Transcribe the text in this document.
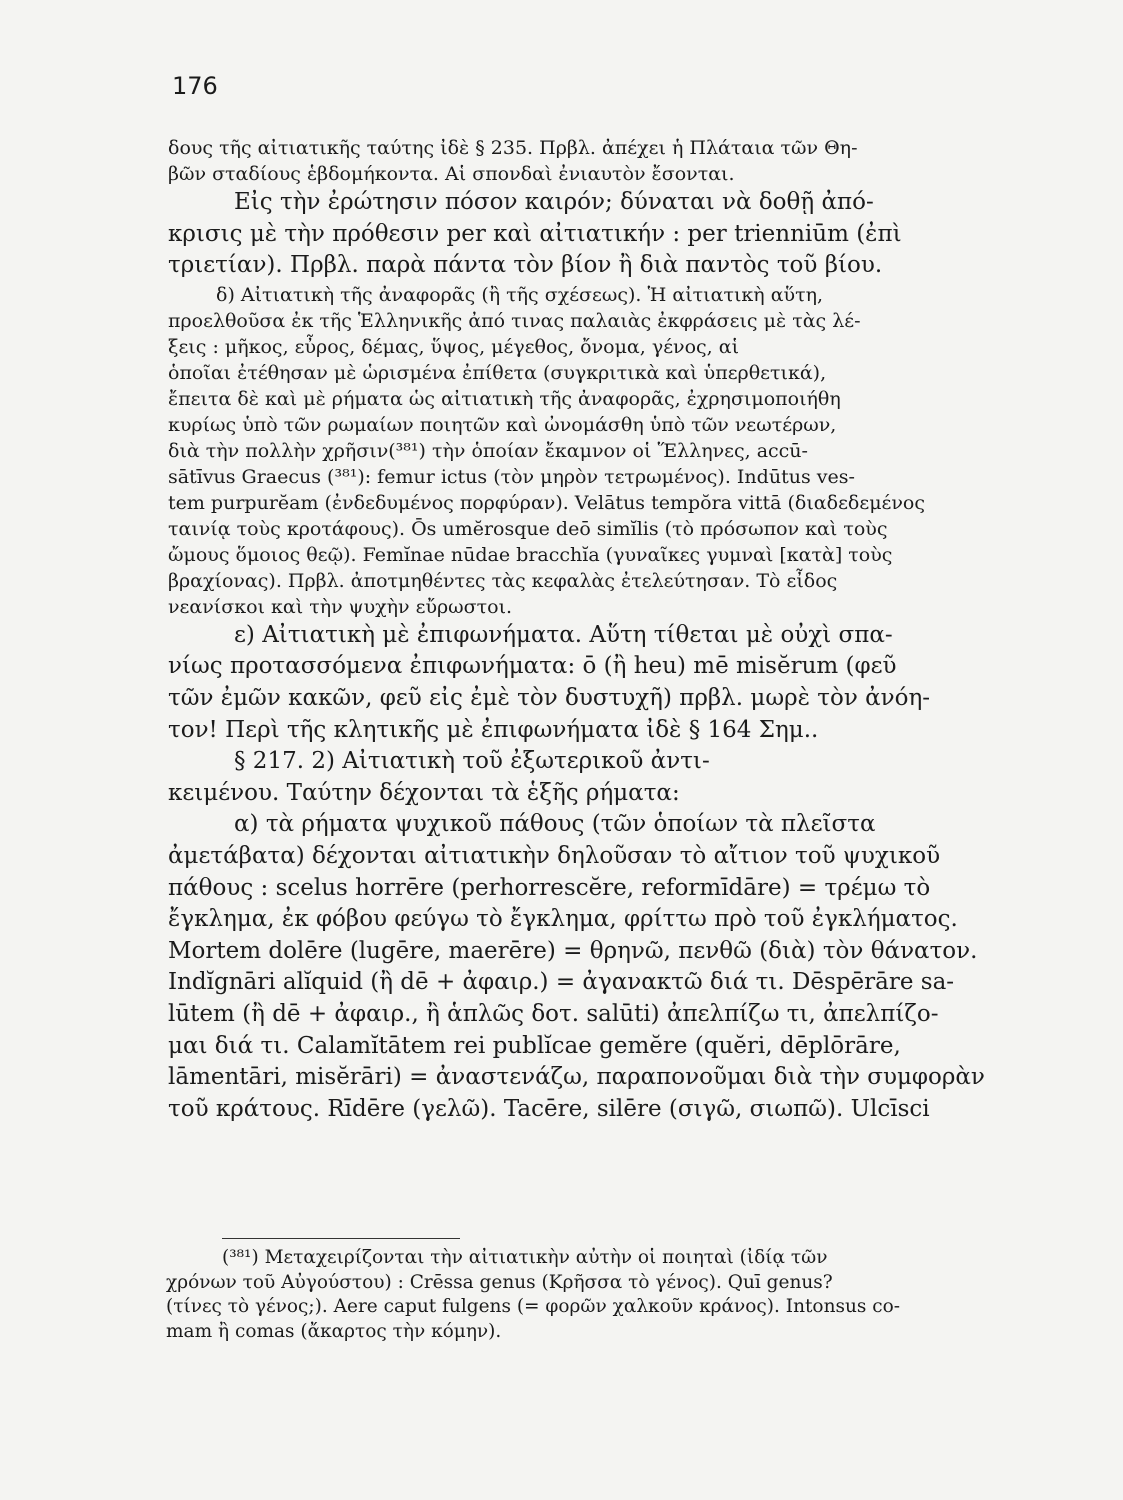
176
δους τῆς αἰτιατικῆς ταύτης ἰδὲ § 235. Πρβλ. ἀπέχει ἡ Πλάταια τῶν Θη-
βῶν σταδίους ἑβδομήκοντα. Αἱ σπονδαὶ ἐνιαυτὸν ἔσονται.
Εἰς τὴν ἐρώτησιν πόσον καιρόν; δύναται νὰ δοθῇ ἀπό-
κρισις μὲ τὴν πρόθεσιν per καὶ αἰτιατικήν : per trienniūm (ἐπὶ
τριετίαν). Πρβλ. παρὰ πάντα τὸν βίον ἢ διὰ παντὸς τοῦ βίου.
δ) Αἰτιατικὴ τῆς ἀναφορᾶς (ἢ τῆς σχέσεως). Ἡ αἰτιατικὴ αὕτη,
προελθοῦσα ἐκ τῆς Ἑλληνικῆς ἀπό τινας παλαιὰς ἐκφράσεις μὲ τὰς λέ-
ξεις : μῆκος, εὖρος, δέμας, ὕψος, μέγεθος, ὄνομα, γένος, αἱ
ὁποῖαι ἐτέθησαν μὲ ὡρισμένα ἐπίθετα (συγκριτικὰ καὶ ὑπερθετικά),
ἔπειτα δὲ καὶ μὲ ρήματα ὡς αἰτιατικὴ τῆς ἀναφορᾶς, ἐχρησιμοποιήθη
κυρίως ὑπὸ τῶν ρωμαίων ποιητῶν καὶ ὠνομάσθη ὑπὸ τῶν νεωτέρων,
διὰ τὴν πολλὴν χρῆσιν(³⁸¹) τὴν ὁποίαν ἔκαμνον οἱ Ἕλληνες, accū-
sātīvus Graecus (³⁸¹): femur ictus (τὸν μηρὸν τετρωμένος). Indūtus ves-
tem purpurĕam (ἐνδεδυμένος πορφύραν). Velātus tempŏra vittā (διαδεδεμένος
ταινίᾳ τοὺς κροτάφους). Ōs umĕrosque deō simĭlis (τὸ πρόσωπον καὶ τοὺς
ὤμους ὅμοιος θεῷ). Femĭnae nūdae bracchĭa (γυναῖκες γυμναὶ [κατὰ] τοὺς
βραχίονας). Πρβλ. ἀποτμηθέντες τὰς κεφαλὰς ἐτελεύτησαν. Τὸ εἶδος
νεανίσκοι καὶ τὴν ψυχὴν εὔρωστοι.
ε) Αἰτιατικὴ μὲ ἐπιφωνήματα. Αὕτη τίθεται μὲ οὐχὶ σπα-
νίως προτασσόμενα ἐπιφωνήματα: ō (ἢ heu) mē misĕrum (φεῦ
τῶν ἐμῶν κακῶν, φεῦ εἰς ἐμὲ τὸν δυστυχῆ) πρβλ. μωρὲ τὸν ἀνόη-
τον! Περὶ τῆς κλητικῆς μὲ ἐπιφωνήματα ἰδὲ § 164 Σημ..
§ 217. 2) Αἰτιατικὴ τοῦ ἐξωτερικοῦ ἀντι-
κειμένου. Ταύτην δέχονται τὰ ἑξῆς ρήματα:
α) τὰ ρήματα ψυχικοῦ πάθους (τῶν ὁποίων τὰ πλεῖστα
ἀμετάβατα) δέχονται αἰτιατικὴν δηλοῦσαν τὸ αἴτιον τοῦ ψυχικοῦ
πάθους : scelus horrēre (perhorrescĕre, reformīdāre) = τρέμω τὸ
ἔγκλημα, ἐκ φόβου φεύγω τὸ ἔγκλημα, φρίττω πρὸ τοῦ ἐγκλήματος.
Mortem dolēre (lugēre, maerēre) = θρηνῶ, πενθῶ (διὰ) τὸν θάνατον.
Indĭgnāri alĭquid (ἢ dē + ἀφαιρ.) = ἀγανακτῶ διά τι. Dēspērāre sa-
lūtem (ἢ dē + ἀφαιρ., ἢ ἁπλῶς δοτ. salūti) ἀπελπίζω τι, ἀπελπίζο-
μαι διά τι. Calamĭtātem rei publĭcae gemĕre (quĕri, dēplōrāre,
lāmentāri, misĕrāri) = ἀναστενάζω, παραπονοῦμαι διὰ τὴν συμφορὰν
τοῦ κράτους. Rīdēre (γελῶ). Tacēre, silēre (σιγῶ, σιωπῶ). Ulcīsci
(³⁸¹) Μεταχειρίζονται τὴν αἰτιατικὴν αὐτὴν οἱ ποιηταὶ (ἰδίᾳ τῶν
χρόνων τοῦ Αὐγούστου) : Crēssa genus (Κρῆσσα τὸ γένος). Quī genus?
(τίνες τὸ γένος;). Aere caput fulgens (= φορῶν χαλκοῦν κράνος). Intonsus co-
mam ἢ comas (ἄκαρτος τὴν κόμην).
